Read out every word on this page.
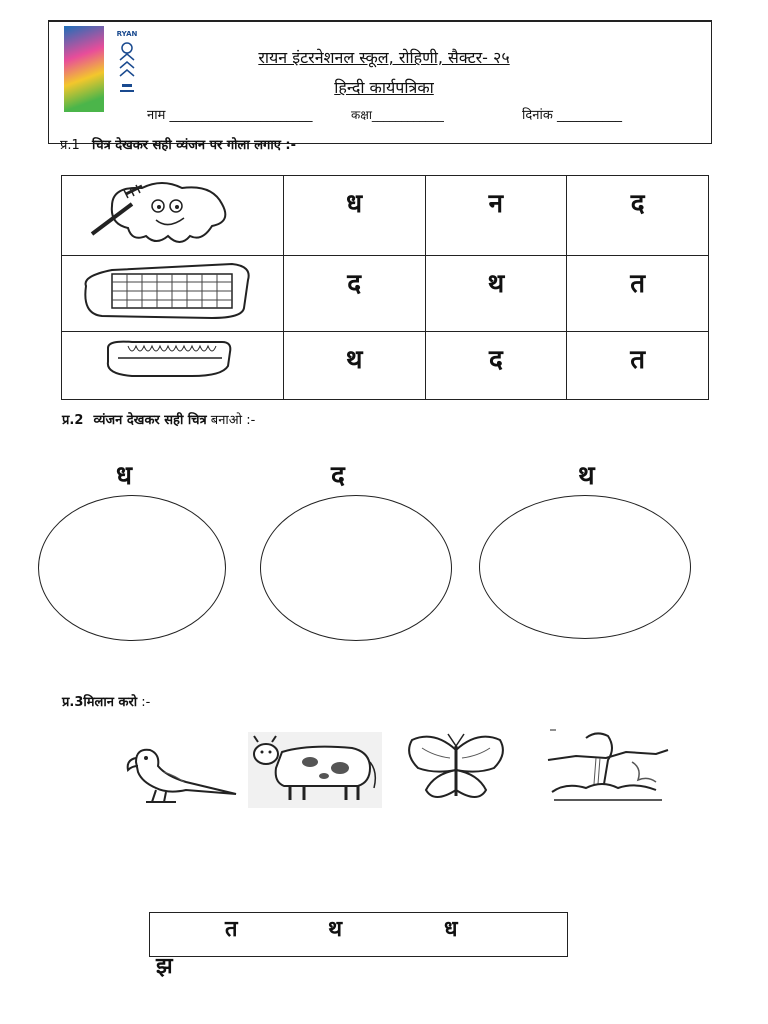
RYAN
रायन इंटरनेशनल स्कूल, रोहिणी, सैक्टर- २५
हिन्दी कार्यपत्रिका
नाम ______________________	कक्षा____________	दिनांक __________
प्र.1 चित्र देखकर सही व्यंजन पर गोला लगाए :-

ध	न	द

द	थ	त

थ	द	त
प्र.2 व्यंजन देखकर सही चित्र बनाओ :-
ध	द	थ
प्र.3मिलान करो :-
त	थ	ध
झ
